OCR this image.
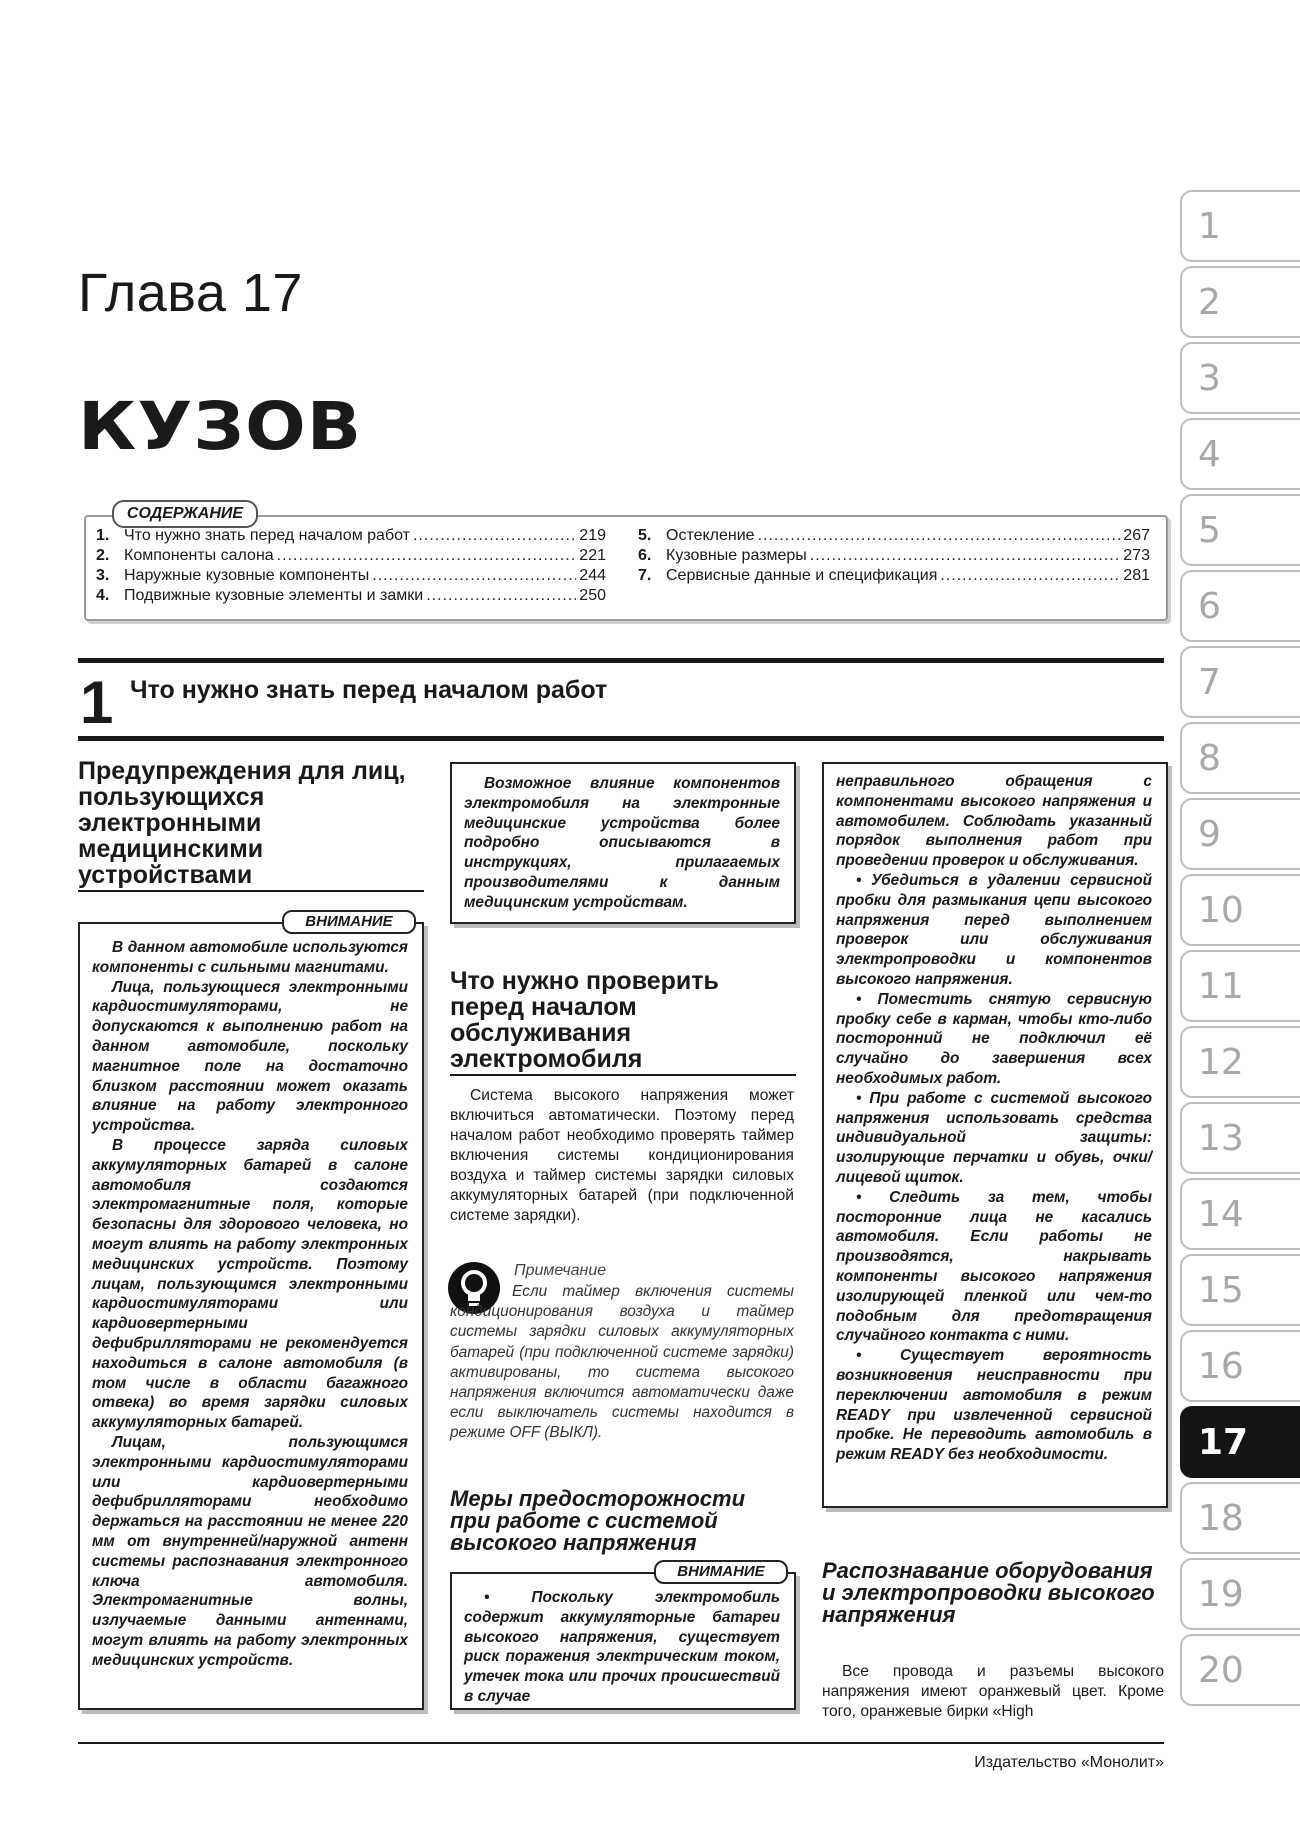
Глава 17
КУЗОВ
СОДЕРЖАНИЕ
1. Что нужно знать перед началом работ .....	219
2. Компоненты салона .....	221
3. Наружные кузовные компоненты .....	244
4. Подвижные кузовные элементы и замки .....	250
5. Остекление .....	267
6. Кузовные размеры .....	273
7. Сервисные данные и спецификация .....	281
1 Что нужно знать перед началом работ
Предупреждения для лиц, пользующихся электронными медицинскими устройствами
ВНИМАНИЕ

В данном автомобиле используются компоненты с сильными магнитами.

Лица, пользующиеся электронными кардиостимуляторами, не допускаются к выполнению работ на данном автомобиле, поскольку магнитное поле на достаточно близком расстоянии может оказать влияние на работу электронного устройства.

В процессе заряда силовых аккумуляторных батарей в салоне автомобиля создаются электромагнитные поля, которые безопасны для здорового человека, но могут влиять на работу электронных медицинских устройств. Поэтому лицам, пользующимся электронными кардиостимуляторами или кардиовертерными дефибрилляторами не рекомендуется находиться в салоне автомобиля (в том числе в области багажного отвека) во время зарядки силовых аккумуляторных батарей.

Лицам, пользующимся электронными кардиостимуляторами или кардиовертерными дефибрилляторами необходимо держаться на расстоянии не менее 220 мм от внутренней/наружной антенн системы распознавания электронного ключа автомобиля. Электромагнитные волны, излучаемые данными антеннами, могут влиять на работу электронных медицинских устройств.

Возможное влияние компонентов электромобиля на электронные медицинские устройства более подробно описываются в инструкциях, прилагаемых производителями к данным медицинским устройствам.

Что нужно проверить перед началом обслуживания электромобиля

Система высокого напряжения может включиться автоматически. Поэтому перед началом работ необходимо проверять таймер включения системы кондиционирования воздуха и таймер системы зарядки силовых аккумуляторных батарей (при подключенной системе зарядки).

Примечание
Если таймер включения системы кондиционирования воздуха и таймер системы зарядки силовых аккумуляторных батарей (при подключенной системе зарядки) активированы, то система высокого напряжения включится автоматически даже если выключатель системы находится в режиме OFF (ВЫКЛ).
Меры предосторожности при работе с системой высокого напряжения
ВНИМАНИЕ

• Поскольку электромобиль содержит аккумуляторные батареи высокого напряжения, существует риск поражения электрическим током, утечек тока или прочих происшествий в случае

неправильного обращения с компонентами высокого напряжения и автомобилем. Соблюдать указанный порядок выполнения работ при проведении проверок и обслуживания.

• Убедиться в удалении сервисной пробки для размыкания цепи высокого напряжения перед выполнением проверок или обслуживания электропроводки и компонентов высокого напряжения.

• Поместить снятую сервисную пробку себе в карман, чтобы кто-либо посторонний не подключил её случайно до завершения всех необходимых работ.

• При работе с системой высокого напряжения использовать средства индивидуальной защиты: изолирующие перчатки и обувь, очки/лицевой щиток.

• Следить за тем, чтобы посторонние лица не касались автомобиля. Если работы не производятся, накрывать компоненты высокого напряжения изолирующей пленкой или чем-то подобным для предотвращения случайного контакта с ними.

• Существует вероятность возникновения неисправности при переключении автомобиля в режим READY при извлеченной сервисной пробке. Не переводить автомобиль в режим READY без необходимости.

Распознавание оборудования и электропроводки высокого напряжения

Все провода и разъемы высокого напряжения имеют оранжевый цвет. Кроме того, оранжевые бирки «High

1
2
3
4
5
6
7
8
9
10
11
12
13
14
15
16
17
18
19
20
Издательство «Монолит»
